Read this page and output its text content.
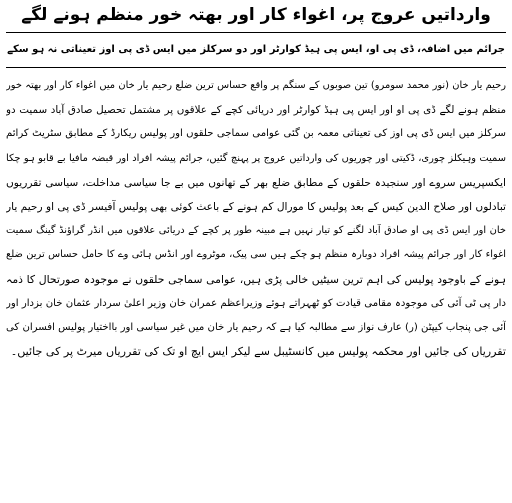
وارداتیں عروج پر، اغواء کار اور بھتہ خور منظم ہونے لگے
جرائم میں اضافہ، ڈی پی او، ایس پی ہیڈ کوارٹر اور دو سرکلز میں ایس ڈی پی اوز تعیناتی نہ ہو سکے
رحیم یار خان (نور محمد سومرو) تین صوبوں کے سنگم پر واقع حساس ترین ضلع رحیم یار خان میں اغواء کار اور بھتہ خور
منظم ہونے لگے ڈی پی او اور ایس پی ہیڈ کوارٹر اور دریائی کچے کے علاقوں پر مشتمل تحصیل صادق آباد سمیت دو
سرکلز میں ایس ڈی پی اوز کی تعیناتی معمہ بن گئی عوامی سماجی حلقوں اور پولیس ریکارڈ کے مطابق سٹریٹ کرائم
سمیت وہیکلز چوری، ڈکیتی اور چوریوں کی وارداتیں عروج پر پہنچ گئیں، جرائم پیشہ افراد اور قبضہ مافیا بے قابو ہو چکا
ایکسپریس سروے اور سنجیدہ حلقوں کے مطابق ضلع بھر کے تھانوں میں بے جا سیاسی مداخلت، سیاسی تقرریوں
تبادلوں اور صلاح الدین کیس کے بعد پولیس کا مورال کم ہونے کے باعث کوئی بھی پولیس آفیسر ڈی پی او رحیم یار
خان اور ایس ڈی پی او صادق آباد لگنے کو تیار نہیں ہے مبینہ طور پر کچے کے دریائی علاقوں میں انڈر گراؤنڈ گینگ سمیت
اغواء کار اور جرائم پیشہ افراد دوبارہ منظم ہو چکے ہیں سی پیک، موٹروے اور انڈس ہائی وے کا حامل حساس ترین ضلع
ہونے کے باوجود پولیس کی اہم ترین سیٹیں خالی پڑی ہیں، عوامی سماجی حلقوں نے موجودہ صورتحال کا ذمہ
دار پی ٹی آئی کی موجودہ مقامی قیادت کو ٹھہراتے ہوئے وزیراعظم عمران خان وزیر اعلیٰ سردار عثمان خان بزدار اور
آئی جی پنجاب کیپٹن (ر) عارف نواز سے مطالبہ کیا ہے کہ رحیم یار خان میں غیر سیاسی اور بااختیار پولیس افسران کی
تقرریاں کی جائیں اور محکمہ پولیس میں کانسٹیبل سے لیکر ایس ایچ او تک کی تقرریاں میرٹ پر کی جائیں۔
